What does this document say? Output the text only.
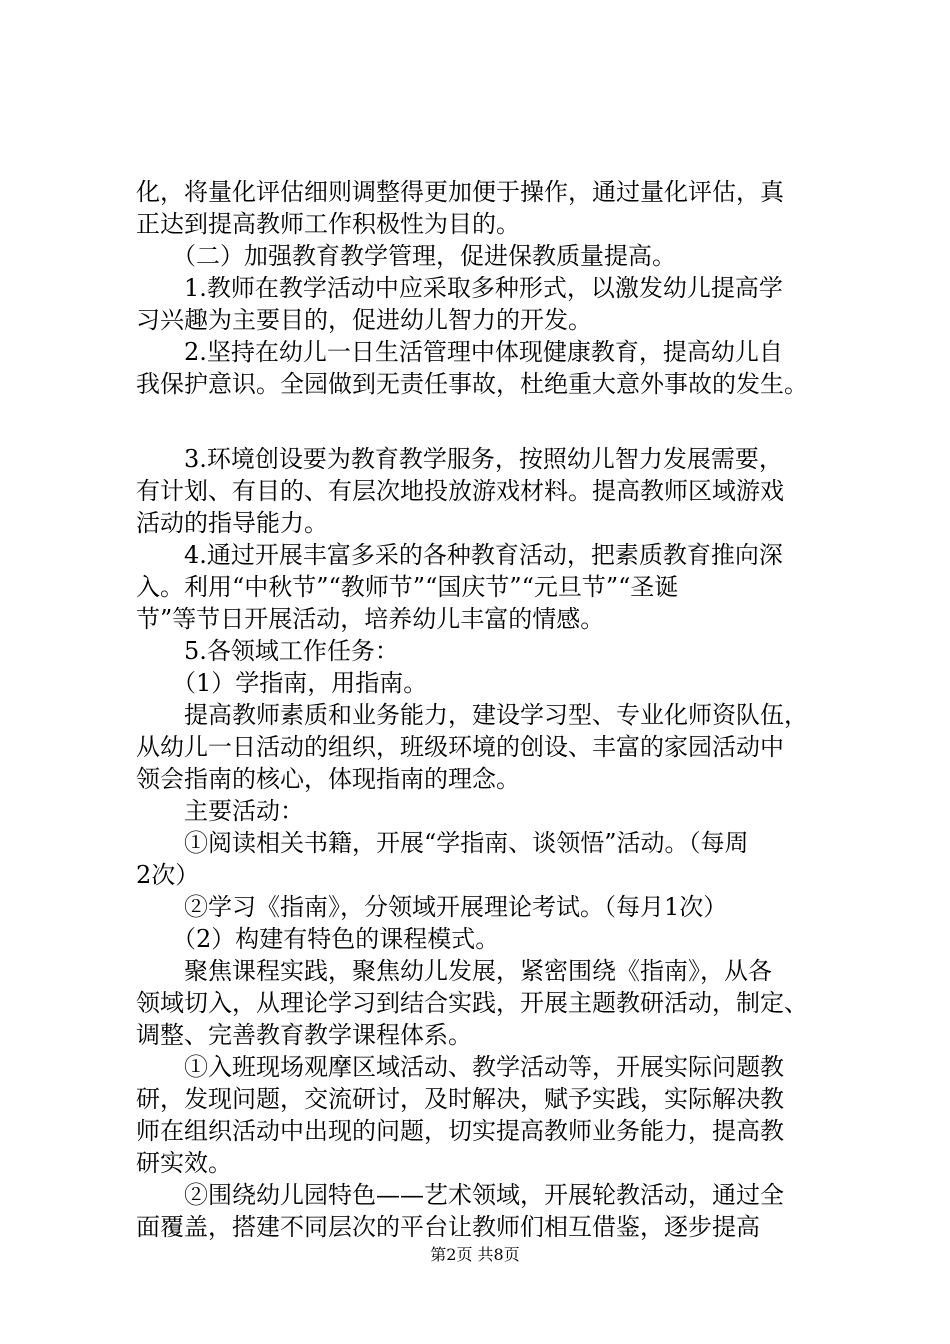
化，将量化评估细则调整得更加便于操作，通过量化评估，真
正达到提高教师工作积极性为目的。
　　（二）加强教育教学管理，促进保教质量提高。
　　1.教师在教学活动中应采取多种形式，以激发幼儿提高学
习兴趣为主要目的，促进幼儿智力的开发。
　　2.坚持在幼儿一日生活管理中体现健康教育，提高幼儿自
我保护意识。全园做到无责任事故，杜绝重大意外事故的发生。
　　3.环境创设要为教育教学服务，按照幼儿智力发展需要，
有计划、有目的、有层次地投放游戏材料。提高教师区域游戏
活动的指导能力。
　　4.通过开展丰富多采的各种教育活动，把素质教育推向深
入。利用“中秋节”“教师节”“国庆节”“元旦节”“圣诞
节”等节日开展活动，培养幼儿丰富的情感。
　　5.各领域工作任务：
　　（1）学指南，用指南。
　　提高教师素质和业务能力，建设学习型、专业化师资队伍，
从幼儿一日活动的组织，班级环境的创设、丰富的家园活动中
领会指南的核心，体现指南的理念。
　　主要活动：
　　①阅读相关书籍，开展“学指南、谈领悟”活动。（每周
2次）
　　②学习《指南》，分领域开展理论考试。（每月1次）
　　（2）构建有特色的课程模式。
　　聚焦课程实践，聚焦幼儿发展，紧密围绕《指南》，从各
领域切入，从理论学习到结合实践，开展主题教研活动，制定、
调整、完善教育教学课程体系。
　　①入班现场观摩区域活动、教学活动等，开展实际问题教
研，发现问题，交流研讨，及时解决，赋予实践，实际解决教
师在组织活动中出现的问题，切实提高教师业务能力，提高教
研实效。
　　②围绕幼儿园特色——艺术领域，开展轮教活动，通过全
面覆盖，搭建不同层次的平台让教师们相互借鉴，逐步提高
第2页 共8页
